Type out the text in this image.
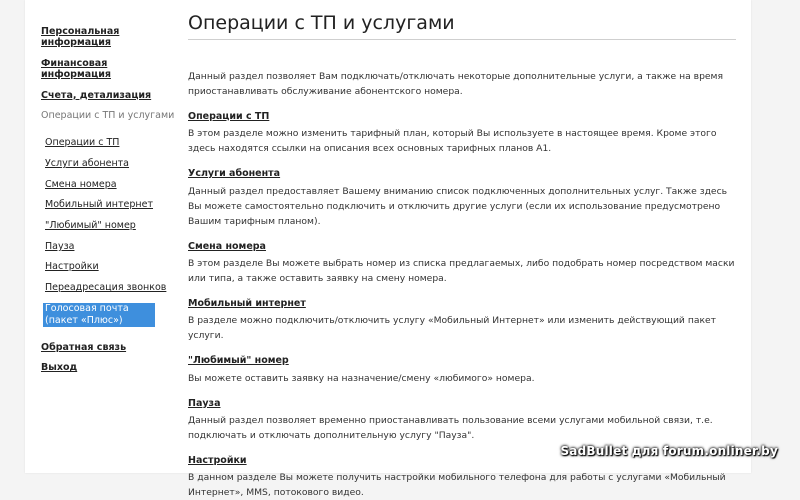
Персональная информация
Финансовая информация
Счета, детализация
Операции с ТП и услугами
Операции с ТП
Услуги абонента
Смена номера
Мобильный интернет
"Любимый" номер
Пауза
Настройки
Переадресация звонков
Голосовая почта (пакет «Плюс»)
Обратная связь
Выход
Операции с ТП и услугами

Данный раздел позволяет Вам подключать/отключать некоторые дополнительные услуги, а также на время приостанавливать обслуживание абонентского номера.

Операции с ТП

В этом разделе можно изменить тарифный план, который Вы используете в настоящее время. Кроме этого здесь находятся ссылки на описания всех основных тарифных планов A1.

Услуги абонента

Данный раздел предоставляет Вашему вниманию список подключенных дополнительных услуг. Также здесь Вы можете самостоятельно подключить и отключить другие услуги (если их использование предусмотрено Вашим тарифным планом).

Смена номера

В этом разделе Вы можете выбрать номер из списка предлагаемых, либо подобрать номер посредством маски или типа, а также оставить заявку на смену номера.

Мобильный интернет

В разделе можно подключить/отключить услугу «Мобильный Интернет» или изменить действующий пакет услуги.

"Любимый" номер

Вы можете оставить заявку на назначение/смену «любимого» номера.

Пауза

Данный раздел позволяет временно приостанавливать пользование всеми услугами мобильной связи, т.е. подключать и отключать дополнительную услугу "Пауза".

Настройки

В данном разделе Вы можете получить настройки мобильного телефона для работы с услугами «Мобильный Интернет», MMS, потокового видео.

SadBullet для forum.onliner.by
